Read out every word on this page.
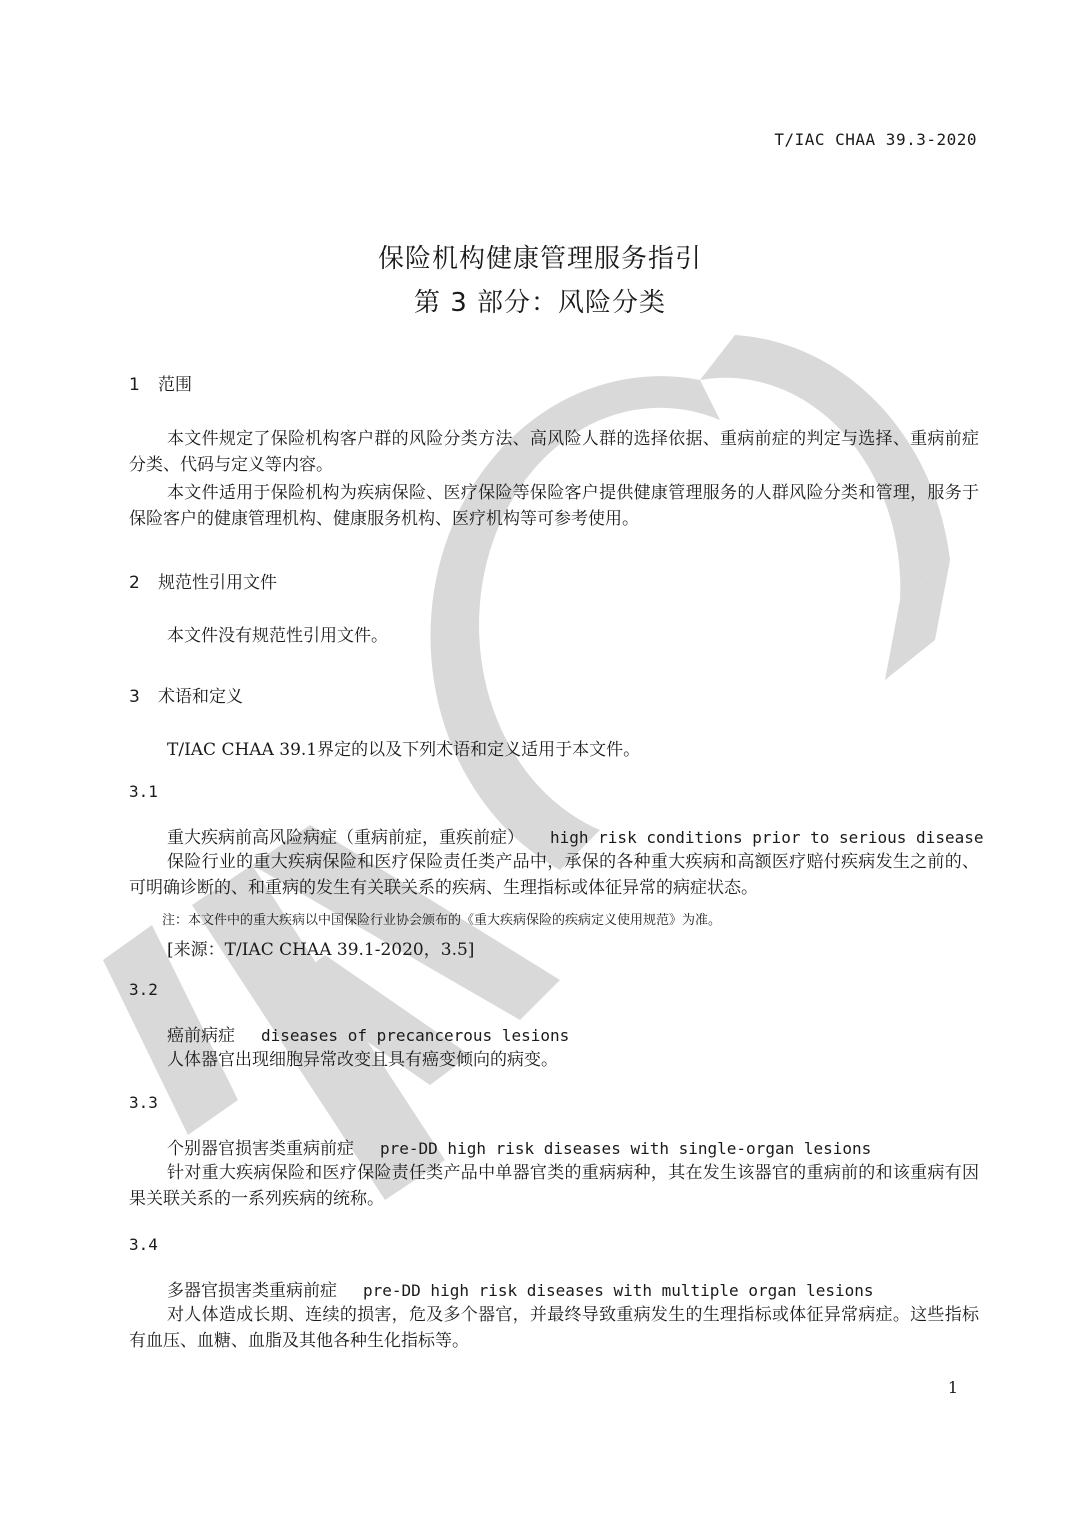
T/IAC CHAA 39.3-2020
保险机构健康管理服务指引
第 3 部分：风险分类
1 范围

本文件规定了保险机构客户群的风险分类方法、高风险人群的选择依据、重病前症的判定与选择、重病前症分类、代码与定义等内容。

本文件适用于保险机构为疾病保险、医疗保险等保险客户提供健康管理服务的人群风险分类和管理，服务于保险客户的健康管理机构、健康服务机构、医疗机构等可参考使用。

2 规范性引用文件

本文件没有规范性引用文件。

3 术语和定义

T/IAC CHAA 39.1界定的以及下列术语和定义适用于本文件。

3.1
重大疾病前高风险病症（重病前症，重疾前症） high risk conditions prior to serious disease

保险行业的重大疾病保险和医疗保险责任类产品中，承保的各种重大疾病和高额医疗赔付疾病发生之前的、可明确诊断的、和重病的发生有关联关系的疾病、生理指标或体征异常的病症状态。

注：本文件中的重大疾病以中国保险行业协会颁布的《重大疾病保险的疾病定义使用规范》为准。
[来源：T/IAC CHAA 39.1-2020，3.5]
3.2
癌前病症 diseases of precancerous lesions

人体器官出现细胞异常改变且具有癌变倾向的病变。

3.3
个别器官损害类重病前症 pre-DD high risk diseases with single-organ lesions

针对重大疾病保险和医疗保险责任类产品中单器官类的重病病种，其在发生该器官的重病前的和该重病有因果关联关系的一系列疾病的统称。

3.4
多器官损害类重病前症 pre-DD high risk diseases with multiple organ lesions

对人体造成长期、连续的损害，危及多个器官，并最终导致重病发生的生理指标或体征异常病症。这些指标有血压、血糖、血脂及其他各种生化指标等。

1
